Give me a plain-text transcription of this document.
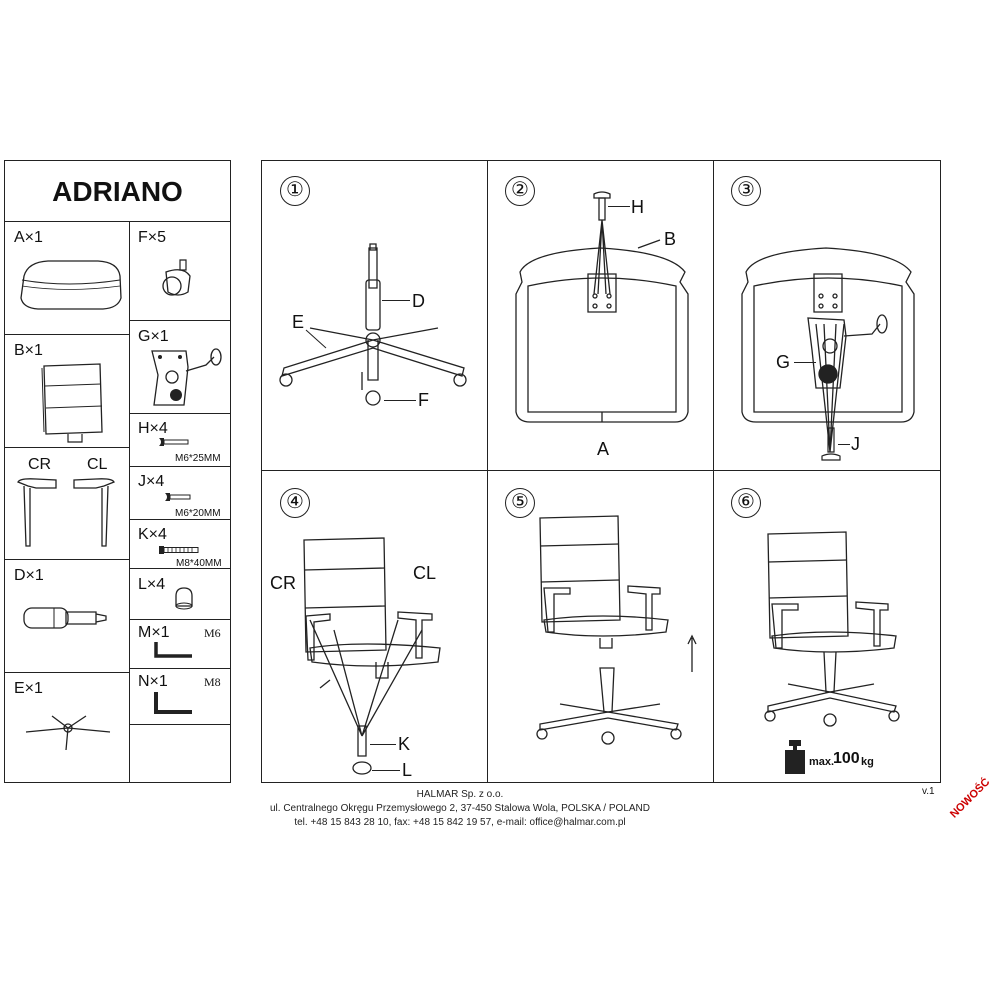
ADRIANO
A×1	F×5
G×1
B×1
H×4
M6*25MM
CR CL
J×4
M6*20MM
K×4
M8*40MM
D×1
L×4
M×1	M6
N×1	M8
E×1
①
D
E
F
②
H
B
A
③
G
J
④
CR	CL
K
L
⑤	⑥
max.
100 kg
v.1
HALMAR Sp. z o.o.
ul. Centralnego Okręgu Przemysłowego 2, 37-450 Stalowa Wola, POLSKA / POLAND
tel. +48 15 843 28 10, fax: +48 15 842 19 57, e-mail: office@halmar.com.pl
NOWOŚĆ
